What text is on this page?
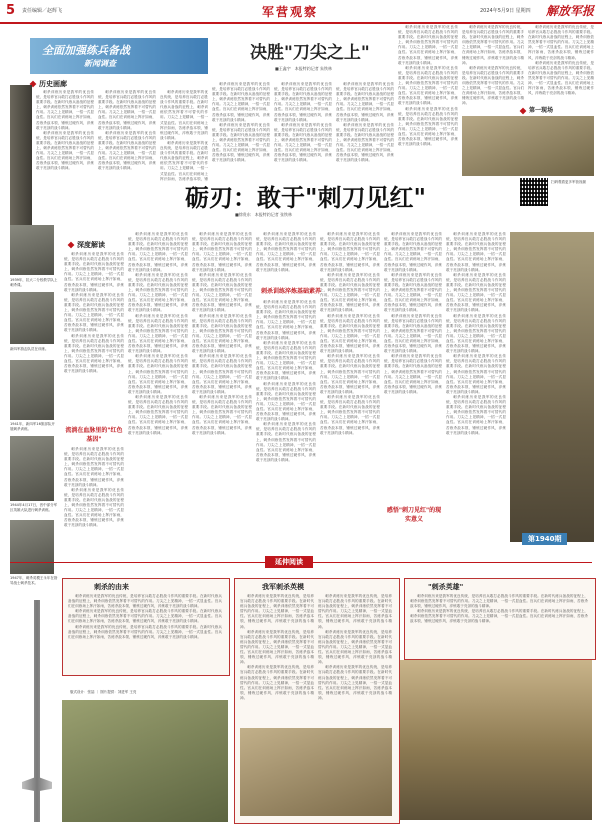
5 责任编辑／赵辉飞	军营观察	2024年5月9日 星期四 解放军报
全面加强练兵备战
新闻调查
历史画廊
1939年，抗大二分校教学队上刺杀课。
新四军游击队员在训练。
1941年，新四军16旅部队开展刺杀训练。
1944年4月17日，晋中部分军区英雄大队进行刺杀训练。
1947年，刺杀英模王永年在指导战士刺杀技术。

刺杀训练历来是我军的优良传统，是培养官兵敢打必胜战斗作风的重要手段。在新时代练兵备战的征程上，刺杀训练依然发挥着不可替代的作用。刀尖之上见精神，一招一式显血性。官兵们在训练场上挥汗如雨，苦练杀敌本领，锤炼过硬作风，淬炼敢于亮剑的战斗精神。

刺杀训练历来是我军的优良传统，是培养官兵敢打必胜战斗作风的重要手段。在新时代练兵备战的征程上，刺杀训练依然发挥着不可替代的作用。刀尖之上见精神，一招一式显血性。官兵们在训练场上挥汗如雨，苦练杀敌本领，锤炼过硬作风，淬炼敢于亮剑的战斗精神。

刺杀训练历来是我军的优良传统，是培养官兵敢打必胜战斗作风的重要手段。在新时代练兵备战的征程上，刺杀训练依然发挥着不可替代的作用。刀尖之上见精神，一招一式显血性。官兵们在训练场上挥汗如雨，苦练杀敌本领，锤炼过硬作风，淬炼敢于亮剑的战斗精神。

刺杀训练历来是我军的优良传统，是培养官兵敢打必胜战斗作风的重要手段。在新时代练兵备战的征程上，刺杀训练依然发挥着不可替代的作用。刀尖之上见精神，一招一式显血性。官兵们在训练场上挥汗如雨，苦练杀敌本领，锤炼过硬作风，淬炼敢于亮剑的战斗精神。

刺杀训练历来是我军的优良传统，是培养官兵敢打必胜战斗作风的重要手段。在新时代练兵备战的征程上，刺杀训练依然发挥着不可替代的作用。刀尖之上见精神，一招一式显血性。官兵们在训练场上挥汗如雨，苦练杀敌本领，锤炼过硬作风，淬炼敢于亮剑的战斗精神。

刺杀训练历来是我军的优良传统，是培养官兵敢打必胜战斗作风的重要手段。在新时代练兵备战的征程上，刺杀训练依然发挥着不可替代的作用。刀尖之上见精神，一招一式显血性。官兵们在训练场上挥汗如雨，苦练杀敌本领，锤

决胜"刀尖之上"
■王鑫宇　本报特约记者 朱铁林

刺杀训练历来是我军的优良传统，是培养官兵敢打必胜战斗作风的重要手段。在新时代练兵备战的征程上，刺杀训练依然发挥着不可替代的作用。刀尖之上见精神，一招一式显血性。官兵们在训练场上挥汗如雨，苦练杀敌本领，锤炼过硬作风，淬炼敢于亮剑的战斗精神。

刺杀训练历来是我军的优良传统，是培养官兵敢打必胜战斗作风的重要手段。在新时代练兵备战的征程上，刺杀训练依然发挥着不可替代的作用。刀尖之上见精神，一招一式显血性。官兵们在训练场上挥汗如雨，苦练杀敌本领，锤炼过硬作风，淬炼敢于亮剑的战斗精神。

刺杀训练历来是我军的优良传统，是培养官兵敢打必胜战斗作风的重要手段。在新时代练兵备战的征程上，刺杀训练依然发挥着不可替代的作用。刀尖之上见精神，一招一式显血性。官兵们在训练场上挥汗如雨，苦练杀敌本领，锤炼过硬作风，淬炼敢于亮剑的战斗精神。

刺杀训练历来是我军的优良传统，是培养官兵敢打必胜战斗作风的重要手段。在新时代练兵备战的征程上，刺杀训练依然发挥着不可替代的作用。刀尖之上见精神，一招一式显血性。官兵们在训练场上挥汗如雨，苦练杀敌本领，锤炼过硬作风，淬炼敢于亮剑的战斗精神。

刺杀训练历来是我军的优良传统，是培养官兵敢打必胜战斗作风的重要手段。在新时代练兵备战的征程上，刺杀训练依然发挥着不可替代的作用。刀尖之上见精神，一招一式显血性。官兵们在训练场上挥汗如雨，苦练杀敌本领，锤炼过硬作风，淬炼敢于亮剑的战斗精神。

刺杀训练历来是我军的优良传统，是培养官兵敢打必胜战斗作风的重要手段。在新时代练兵备战的征程上，刺杀训练依然发挥着不可替代的作用。刀尖之上见精神，一招一式显血性。官兵们在训练场上挥汗如雨，苦练杀敌本领，锤炼过硬作风，淬炼敢于亮剑的战斗精神。

刺杀训练历来是我军的优良传统，是培养官兵敢打必胜战斗作风的重要手段。在新时代练兵备战的征程上，刺杀训练依然发挥着不可替代的作用。刀尖之上见精神，一招一式显血性。官兵们在训练场上挥汗如雨，苦练杀敌本领，锤炼过硬作风，淬炼敢于亮剑的战斗精神。

刺杀训练历来是我军的优良传统，是培养官兵敢打必胜战斗作风的重要手段。在新时代练兵备战的征程上，刺杀训练依然发挥着不可替代的作用。刀尖之上见精神，一招一式显血性。官兵们在训练场上挥汗如雨，苦练杀敌本领，锤炼过硬作风，淬炼敢于亮剑的战斗精神。

刺杀训练历来是我军的优良传统，是培养官兵敢打必胜战斗作风的重要手段。在新时代练兵备战的征程上，刺杀训练依然发挥着不可替代的作用。刀尖之上见精神，一招一式显血性。官兵们在训练场上挥汗如雨，苦练杀敌本领，锤炼过硬作风，淬炼敢于亮剑的战斗精神。

刺杀训练历来是我军的优良传统，是培养官兵敢打必胜战斗作风的重要手段。在新时代练兵备战的征程上，刺杀训练依然发挥着不可替代的作用。刀尖之上见精神，一招一式显血性。官兵们在训练场上挥汗如雨，苦练杀敌本领，锤炼过硬作风，淬炼敢于亮剑的战斗精神。

刺杀训练历来是我军的优良传统，是培养官兵敢打必胜战斗作风的重要手段。在新时代练兵备战的征程上，刺杀训练依然发挥着不可替代的作用。刀尖之上见精神，一招一式显血性。官兵们在训练场上挥汗如雨，苦练杀敌本领，锤炼过硬作风，淬炼敢于亮剑的战斗精神。

刺杀训练历来是我军的优良传统，是培养官兵敢打必胜战斗作风的重要手段。在新时代练兵备战的征程上，刺杀训练依然发挥着不可替代的作用。刀尖之上见精神，一招一式显血性。官兵们在训练场上挥汗如雨，苦练杀敌本领，锤炼过硬作风，淬炼敢于亮剑的战斗精神。

刺杀训练历来是我军的优良传统，是培养官兵敢打必胜战斗作风的重要手段。在新时代练兵备战的征程上，刺杀训练依然发挥着不可替代的作用。刀尖之上见精神，一招一式显血性。官兵们在训练场上挥汗如雨，苦练杀敌本领，锤炼过硬作风，淬炼敢于亮剑的战斗精神。

第一现场
砺刃：敢于"刺刀见红"
■徐贵东　本报特约记者 张铁林
扫码观看更多军营视频
深度解读

刺杀训练历来是我军的优良传统，是培养官兵敢打必胜战斗作风的重要手段。在新时代练兵备战的征程上，刺杀训练依然发挥着不可替代的作用。刀尖之上见精神，一招一式显血性。官兵们在训练场上挥汗如雨，苦练杀敌本领，锤炼过硬作风，淬炼敢于亮剑的战斗精神。

刺杀训练历来是我军的优良传统，是培养官兵敢打必胜战斗作风的重要手段。在新时代练兵备战的征程上，刺杀训练依然发挥着不可替代的作用。刀尖之上见精神，一招一式显血性。官兵们在训练场上挥汗如雨，苦练杀敌本领，锤炼过硬作风，淬炼敢于亮剑的战斗精神。

刺杀训练历来是我军的优良传统，是培养官兵敢打必胜战斗作风的重要手段。在新时代练兵备战的征程上，刺杀训练依然发挥着不可替代的作用。刀尖之上见精神，一招一式显血性。官兵们在训练场上挥汗如雨，苦练杀敌本领，锤炼过硬作风，淬炼敢于亮剑的战斗精神。

流淌在血脉里的"红色基因"

刺杀训练历来是我军的优良传统，是培养官兵敢打必胜战斗作风的重要手段。在新时代练兵备战的征程上，刺杀训练依然发挥着不可替代的作用。刀尖之上见精神，一招一式显血性。官兵们在训练场上挥汗如雨，苦练杀敌本领，锤炼过硬作风，淬炼敢于亮剑的战斗精神。

刺杀训练历来是我军的优良传统，是培养官兵敢打必胜战斗作风的重要手段。在新时代练兵备战的征程上，刺杀训练依然发挥着不可替代的作用。刀尖之上见精神，一招一式显血性。官兵们在训练场上挥汗如雨，苦练杀敌本领，锤炼过硬作风，淬炼敢于亮剑的战斗精神。

刺杀训练历来是我军的优良传统，是培养官兵敢打必胜战斗作风的重要手段。在新时代练兵备战的征程上，刺杀训练依然发挥着不可替代的作用。刀尖之上见精神，一招一式显血性。官兵们在训练场上挥汗如雨，苦练杀敌本领，锤炼过硬作风，淬炼敢于亮剑的战斗精神。

刺杀训练历来是我军的优良传统，是培养官兵敢打必胜战斗作风的重要手段。在新时代练兵备战的征程上，刺杀训练依然发挥着不可替代的作用。刀尖之上见精神，一招一式显血性。官兵们在训练场上挥汗如雨，苦练杀敌本领，锤炼过硬作风，淬炼敢于亮剑的战斗精神。

刺杀训练历来是我军的优良传统，是培养官兵敢打必胜战斗作风的重要手段。在新时代练兵备战的征程上，刺杀训练依然发挥着不可替代的作用。刀尖之上见精神，一招一式显血性。官兵们在训练场上挥汗如雨，苦练杀敌本领，锤炼过硬作风，淬炼敢于亮剑的战斗精神。

刺杀训练历来是我军的优良传统，是培养官兵敢打必胜战斗作风的重要手段。在新时代练兵备战的征程上，刺杀训练依然发挥着不可替代的作用。刀尖之上见精神，一招一式显血性。官兵们在训练场上挥汗如雨，苦练杀敌本领，锤炼过硬作风，淬炼敢于亮剑的战斗精神。

刺杀训练历来是我军的优良传统，是培养官兵敢打必胜战斗作风的重要手段。在新时代练兵备战的征程上，刺杀训练依然发挥着不可替代的作用。刀尖之上见精神，一招一式显血性。官兵们在训练场上挥汗如雨，苦练杀敌本领，锤炼过硬作风，淬炼敢于亮剑的战斗精神。

刺杀训练历来是我军的优良传统，是培养官兵敢打必胜战斗作风的重要手段。在新时代练兵备战的征程上，刺杀训练依然发挥着不可替代的作用。刀尖之上见精神，一招一式显血性。官兵们在训练场上挥汗如雨，苦练杀敌本领，锤炼过硬作风，淬炼敢于亮剑的战斗精神。

刺杀训练历来是我军的优良传统，是培养官兵敢打必胜战斗作风的重要手段。在新时代练兵备战的征程上，刺杀训练依然发挥着不可替代的作用。刀尖之上见精神，一招一式显血性。官兵们在训练场上挥汗如雨，苦练杀敌本领，锤炼过硬作风，淬炼敢于亮剑的战斗精神。

刺杀训练历来是我军的优良传统，是培养官兵敢打必胜战斗作风的重要手段。在新时代练兵备战的征程上，刺杀训练依然发挥着不可替代的作用。刀尖之上见精神，一招一式显血性。官兵们在训练场上挥汗如雨，苦练杀敌本领，锤炼过硬作风，淬炼敢于亮剑的战斗精神。

刺杀训练历来是我军的优良传统，是培养官兵敢打必胜战斗作风的重要手段。在新时代练兵备战的征程上，刺杀训练依然发挥着不可替代的作用。刀尖之上见精神，一招一式显血性。官兵们在训练场上挥汗如雨，苦练杀敌本领，锤炼过硬作风，淬炼敢于亮剑的战斗精神。

刺杀训练历来是我军的优良传统，是培养官兵敢打必胜战斗作风的重要手段。在新时代练兵备战的征程上，刺杀训练依然发挥着不可替代的作用。刀尖之上见精神，一招一式显血性。官兵们在训练场上挥汗如雨，苦练杀敌本领，锤炼过硬作风，淬炼敢于亮剑的战斗精神。

刺杀训练淬炼基础素养

刺杀训练历来是我军的优良传统，是培养官兵敢打必胜战斗作风的重要手段。在新时代练兵备战的征程上，刺杀训练依然发挥着不可替代的作用。刀尖之上见精神，一招一式显血性。官兵们在训练场上挥汗如雨，苦练杀敌本领，锤炼过硬作风，淬炼敢于亮剑的战斗精神。

刺杀训练历来是我军的优良传统，是培养官兵敢打必胜战斗作风的重要手段。在新时代练兵备战的征程上，刺杀训练依然发挥着不可替代的作用。刀尖之上见精神，一招一式显血性。官兵们在训练场上挥汗如雨，苦练杀敌本领，锤炼过硬作风，淬炼敢于亮剑的战斗精神。

刺杀训练历来是我军的优良传统，是培养官兵敢打必胜战斗作风的重要手段。在新时代练兵备战的征程上，刺杀训练依然发挥着不可替代的作用。刀尖之上见精神，一招一式显血性。官兵们在训练场上挥汗如雨，苦练杀敌本领，锤炼过硬作风，淬炼敢于亮剑的战斗精神。

刺杀训练历来是我军的优良传统，是培养官兵敢打必胜战斗作风的重要手段。在新时代练兵备战的征程上，刺杀训练依然发挥着不可替代的作用。刀尖之上见精神，一招一式显血性。官兵们在训练场上挥汗如雨，苦练杀敌本领，锤炼过硬作风，淬炼敢于亮剑的战斗精神。

刺杀训练历来是我军的优良传统，是培养官兵敢打必胜战斗作风的重要手段。在新时代练兵备战的征程上，刺杀训练依然发挥着不可替代的作用。刀尖之上见精神，一招一式显血性。官兵们在训练场上挥汗如雨，苦练杀敌本领，锤炼过硬作风，淬炼敢于亮剑的战斗精神。

刺杀训练历来是我军的优良传统，是培养官兵敢打必胜战斗作风的重要手段。在新时代练兵备战的征程上，刺杀训练依然发挥着不可替代的作用。刀尖之上见精神，一招一式显血性。官兵们在训练场上挥汗如雨，苦练杀敌本领，锤炼过硬作风，淬炼敢于亮剑的战斗精神。

刺杀训练历来是我军的优良传统，是培养官兵敢打必胜战斗作风的重要手段。在新时代练兵备战的征程上，刺杀训练依然发挥着不可替代的作用。刀尖之上见精神，一招一式显血性。官兵们在训练场上挥汗如雨，苦练杀敌本领，锤炼过硬作风，淬炼敢于亮剑的战斗精神。

刺杀训练历来是我军的优良传统，是培养官兵敢打必胜战斗作风的重要手段。在新时代练兵备战的征程上，刺杀训练依然发挥着不可替代的作用。刀尖之上见精神，一招一式显血性。官兵们在训练场上挥汗如雨，苦练杀敌本领，锤炼过硬作风，淬炼敢于亮剑的战斗精神。

刺杀训练历来是我军的优良传统，是培养官兵敢打必胜战斗作风的重要手段。在新时代练兵备战的征程上，刺杀训练依然发挥着不可替代的作用。刀尖之上见精神，一招一式显血性。官兵们在训练场上挥汗如雨，苦练杀敌本领，锤炼过硬作风，淬炼敢于亮剑的战斗精神。

刺杀训练历来是我军的优良传统，是培养官兵敢打必胜战斗作风的重要手段。在新时代练兵备战的征程上，刺杀训练依然发挥着不可替代的作用。刀尖之上见精神，一招一式显血性。官兵们在训练场上挥汗如雨，苦练杀敌本领，锤炼过硬作风，淬炼敢于亮剑的战斗精神。

感悟"刺刀见红"的现实意义

刺杀训练历来是我军的优良传统，是培养官兵敢打必胜战斗作风的重要手段。在新时代练兵备战的征程上，刺杀训练依然发挥着不可替代的作用。刀尖之上见精神，一招一式显血性。官兵们在训练场上挥汗如雨，苦练杀敌本领，锤炼过硬作风，淬炼敢于亮剑的战斗精神。

刺杀训练历来是我军的优良传统，是培养官兵敢打必胜战斗作风的重要手段。在新时代练兵备战的征程上，刺杀训练依然发挥着不可替代的作用。刀尖之上见精神，一招一式显血性。官兵们在训练场上挥汗如雨，苦练杀敌本领，锤炼过硬作风，淬炼敢于亮剑的战斗精神。

刺杀训练历来是我军的优良传统，是培养官兵敢打必胜战斗作风的重要手段。在新时代练兵备战的征程上，刺杀训练依然发挥着不可替代的作用。刀尖之上见精神，一招一式显血性。官兵们在训练场上挥汗如雨，苦练杀敌本领，锤炼过硬作风，淬炼敢于亮剑的战斗精神。

刺杀训练历来是我军的优良传统，是培养官兵敢打必胜战斗作风的重要手段。在新时代练兵备战的征程上，刺杀训练依然发挥着不可替代的作用。刀尖之上见精神，一招一式显血性。官兵们在训练场上挥汗如雨，苦练杀敌本领，锤炼过硬作风，淬炼敢于亮剑的战斗精神。

刺杀训练历来是我军的优良传统，是培养官兵敢打必胜战斗作风的重要手段。在新时代练兵备战的征程上，刺杀训练依然发挥着不可替代的作用。刀尖之上见精神，一招一式显血性。官兵们在训练场上挥汗如雨，苦练杀敌本领，锤炼过硬作风，淬炼敢于亮剑的战斗精神。

刺杀训练历来是我军的优良传统，是培养官兵敢打必胜战斗作风的重要手段。在新时代练兵备战的征程上，刺杀训练依然发挥着不可替代的作用。刀尖之上见精神，一招一式显血性。官兵们在训练场上挥汗如雨，苦练杀敌本领，锤炼过硬作风，淬炼敢于亮剑的战斗精神。

刺杀训练历来是我军的优良传统，是培养官兵敢打必胜战斗作风的重要手段。在新时代练兵备战的征程上，刺杀训练依然发挥着不可替代的作用。刀尖之上见精神，一招一式显血性。官兵们在训练场上挥汗如雨，苦练杀敌本领，锤炼过硬作风，淬炼敢于亮剑的战斗精神。

刺杀训练历来是我军的优良传统，是培养官兵敢打必胜战斗作风的重要手段。在新时代练兵备战的征程上，刺杀训练依然发挥着不可替代的作用。刀尖之上见精神，一招一式显血性。官兵们在训练场上挥汗如雨，苦练杀敌本领，锤炼过硬作风，淬炼敢于亮剑的战斗精神。

刺杀训练历来是我军的优良传统，是培养官兵敢打必胜战斗作风的重要手段。在新时代练兵备战的征程上，刺杀训练依然发挥着不可替代的作用。刀尖之上见精神，一招一式显血性。官兵们在训练场上挥汗如雨，苦练杀敌本领，锤炼过硬作风，淬炼敢于亮剑的战斗精神。

第1940期
延伸阅读
刺杀的由来

刺杀训练历来是我军的优良传统，是培养官兵敢打必胜战斗作风的重要手段。在新时代练兵备战的征程上，刺杀训练依然发挥着不可替代的作用。刀尖之上见精神，一招一式显血性。官兵们在训练场上挥汗如雨，苦练杀敌本领，锤炼过硬作风，淬炼敢于亮剑的战斗精神。

刺杀训练历来是我军的优良传统，是培养官兵敢打必胜战斗作风的重要手段。在新时代练兵备战的征程上，刺杀训练依然发挥着不可替代的作用。刀尖之上见精神，一招一式显血性。官兵们在训练场上挥汗如雨，苦练杀敌本领，锤炼过硬作风，淬炼敢于亮剑的战斗精神。

刺杀训练历来是我军的优良传统，是培养官兵敢打必胜战斗作风的重要手段。在新时代练兵备战的征程上，刺杀训练依然发挥着不可替代的作用。刀尖之上见精神，一招一式显血性。官兵们在训练场上挥汗如雨，苦练杀敌本领，锤炼过硬作风，淬炼敢于亮剑的战斗精神。

我军刺杀英模

刺杀训练历来是我军的优良传统，是培养官兵敢打必胜战斗作风的重要手段。在新时代练兵备战的征程上，刺杀训练依然发挥着不可替代的作用。刀尖之上见精神，一招一式显血性。官兵们在训练场上挥汗如雨，苦练杀敌本领，锤炼过硬作风，淬炼敢于亮剑的战斗精神。

刺杀训练历来是我军的优良传统，是培养官兵敢打必胜战斗作风的重要手段。在新时代练兵备战的征程上，刺杀训练依然发挥着不可替代的作用。刀尖之上见精神，一招一式显血性。官兵们在训练场上挥汗如雨，苦练杀敌本领，锤炼过硬作风，淬炼敢于亮剑的战斗精神。

刺杀训练历来是我军的优良传统，是培养官兵敢打必胜战斗作风的重要手段。在新时代练兵备战的征程上，刺杀训练依然发挥着不可替代的作用。刀尖之上见精神，一招一式显血性。官兵们在训练场上挥汗如雨，苦练杀敌本领，锤炼过硬作风，淬炼敢于亮剑的战斗精神。

刺杀训练历来是我军的优良传统，是培养官兵敢打必胜战斗作风的重要手段。在新时代练兵备战的征程上，刺杀训练依然发挥着不可替代的作用。刀尖之上见精神，一招一式显血性。官兵们在训练场上挥汗如雨，苦练杀敌本领，锤炼过硬作风，淬炼敢于亮剑的战斗精神。

刺杀训练历来是我军的优良传统，是培养官兵敢打必胜战斗作风的重要手段。在新时代练兵备战的征程上，刺杀训练依然发挥着不可替代的作用。刀尖之上见精神，一招一式显血性。官兵们在训练场上挥汗如雨，苦练杀敌本领，锤炼过硬作风，淬炼敢于亮剑的战斗精神。

刺杀训练历来是我军的优良传统，是培养官兵敢打必胜战斗作风的重要手段。在新时代练兵备战的征程上，刺杀训练依然发挥着不可替代的作用。刀尖之上见精神，一招一式显血性。官兵们在训练场上挥汗如雨，苦练杀敌本领，锤炼过硬作风，淬炼敢于亮剑的战斗精神。

"刺杀英雄"

刺杀训练历来是我军的优良传统，是培养官兵敢打必胜战斗作风的重要手段。在新时代练兵备战的征程上，刺杀训练依然发挥着不可替代的作用。刀尖之上见精神，一招一式显血性。官兵们在训练场上挥汗如雨，苦练杀敌本领，锤炼过硬作风，淬炼敢于亮剑的战斗精神。

刺杀训练历来是我军的优良传统，是培养官兵敢打必胜战斗作风的重要手段。在新时代练兵备战的征程上，刺杀训练依然发挥着不可替代的作用。刀尖之上见精神，一招一式显血性。官兵们在训练场上挥汗如雨，苦练杀敌本领，锤炼过硬作风，淬炼敢于亮剑的战斗精神。

版式设计：张喆 ｜ 图片提供：刘进军 王亮
